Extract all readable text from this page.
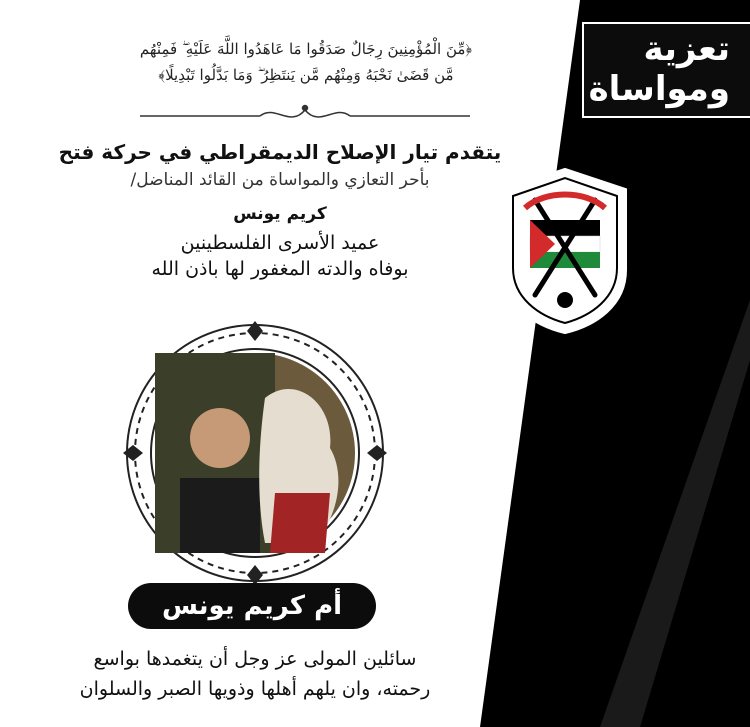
تعزية
ومواساة
﴿مِّنَ الْمُؤْمِنِينَ رِجَالٌ صَدَقُوا مَا عَاهَدُوا اللَّهَ عَلَيْهِ ۖ فَمِنْهُم
مَّن قَضَىٰ نَحْبَهُ وَمِنْهُم مَّن يَنتَظِرُ ۖ وَمَا بَدَّلُوا تَبْدِيلًا﴾
يتقدم تيار الإصلاح الديمقراطي في حركة فتح
بأحر التعازي والمواساة من القائد المناضل/
كريم يونس
عميد الأسرى الفلسطينين
بوفاه والدته المغفور لها باذن الله
أم كريم يونس
سائلين المولى عز وجل أن يتغمدها بواسع
رحمته، وان يلهم أهلها وذويها الصبر والسلوان
